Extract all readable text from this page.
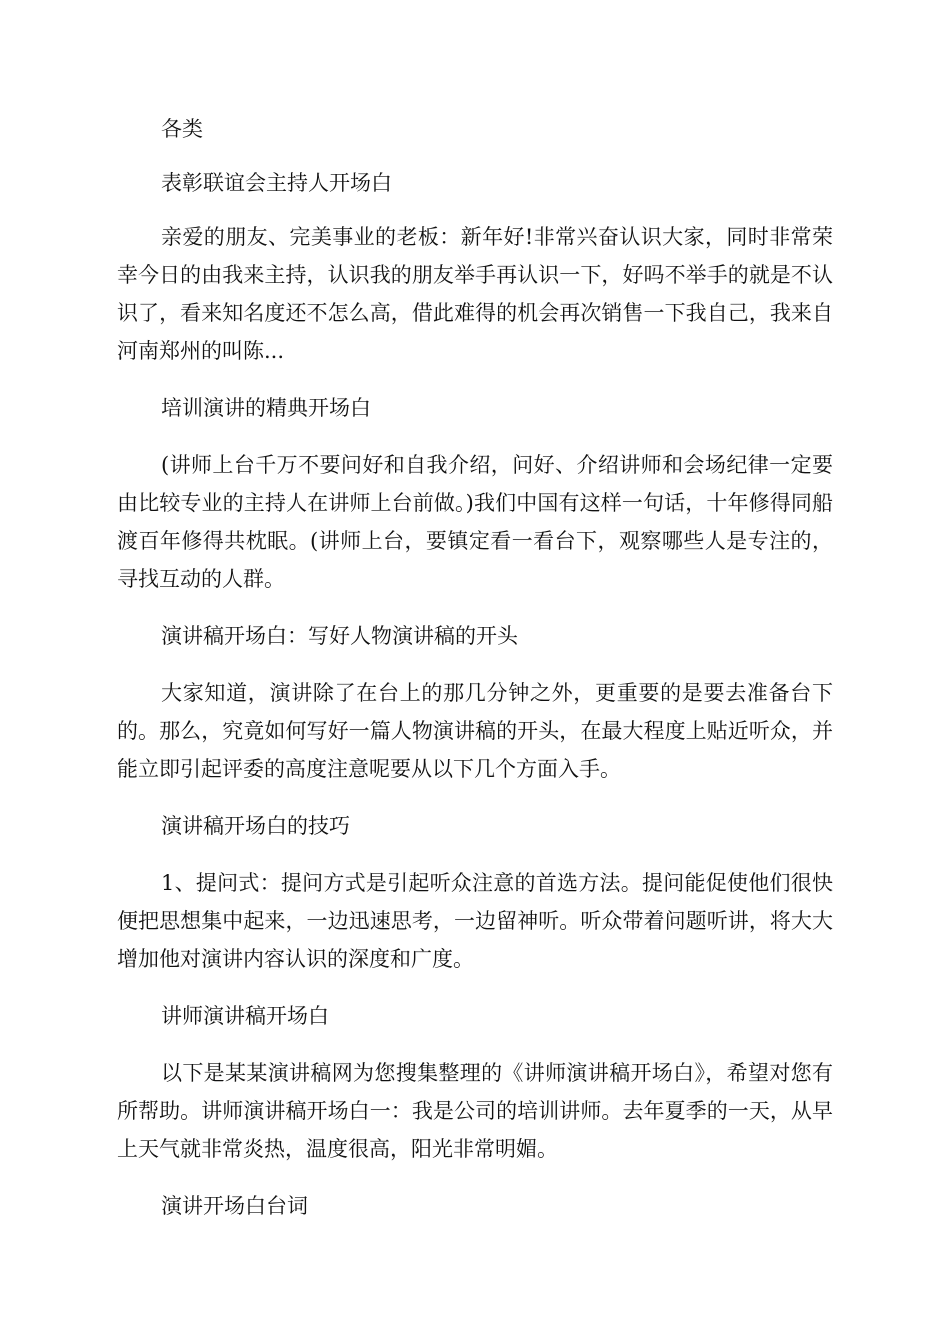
各类

表彰联谊会主持人开场白

亲爱的朋友、完美事业的老板：新年好!非常兴奋认识大家，同时非常荣幸今日的由我来主持，认识我的朋友举手再认识一下，好吗不举手的就是不认识了，看来知名度还不怎么高，借此难得的机会再次销售一下我自己，我来自河南郑州的叫陈...

培训演讲的精典开场白

(讲师上台千万不要问好和自我介绍，问好、介绍讲师和会场纪律一定要由比较专业的主持人在讲师上台前做。)我们中国有这样一句话，十年修得同船渡百年修得共枕眠。(讲师上台，要镇定看一看台下，观察哪些人是专注的，寻找互动的人群。

演讲稿开场白：写好人物演讲稿的开头

大家知道，演讲除了在台上的那几分钟之外，更重要的是要去准备台下的。那么，究竟如何写好一篇人物演讲稿的开头，在最大程度上贴近听众，并能立即引起评委的高度注意呢要从以下几个方面入手。

演讲稿开场白的技巧

1、提问式：提问方式是引起听众注意的首选方法。提问能促使他们很快便把思想集中起来，一边迅速思考，一边留神听。听众带着问题听讲，将大大增加他对演讲内容认识的深度和广度。

讲师演讲稿开场白

以下是某某演讲稿网为您搜集整理的《讲师演讲稿开场白》，希望对您有所帮助。讲师演讲稿开场白一：我是公司的培训讲师。去年夏季的一天，从早上天气就非常炎热，温度很高，阳光非常明媚。

演讲开场白台词
